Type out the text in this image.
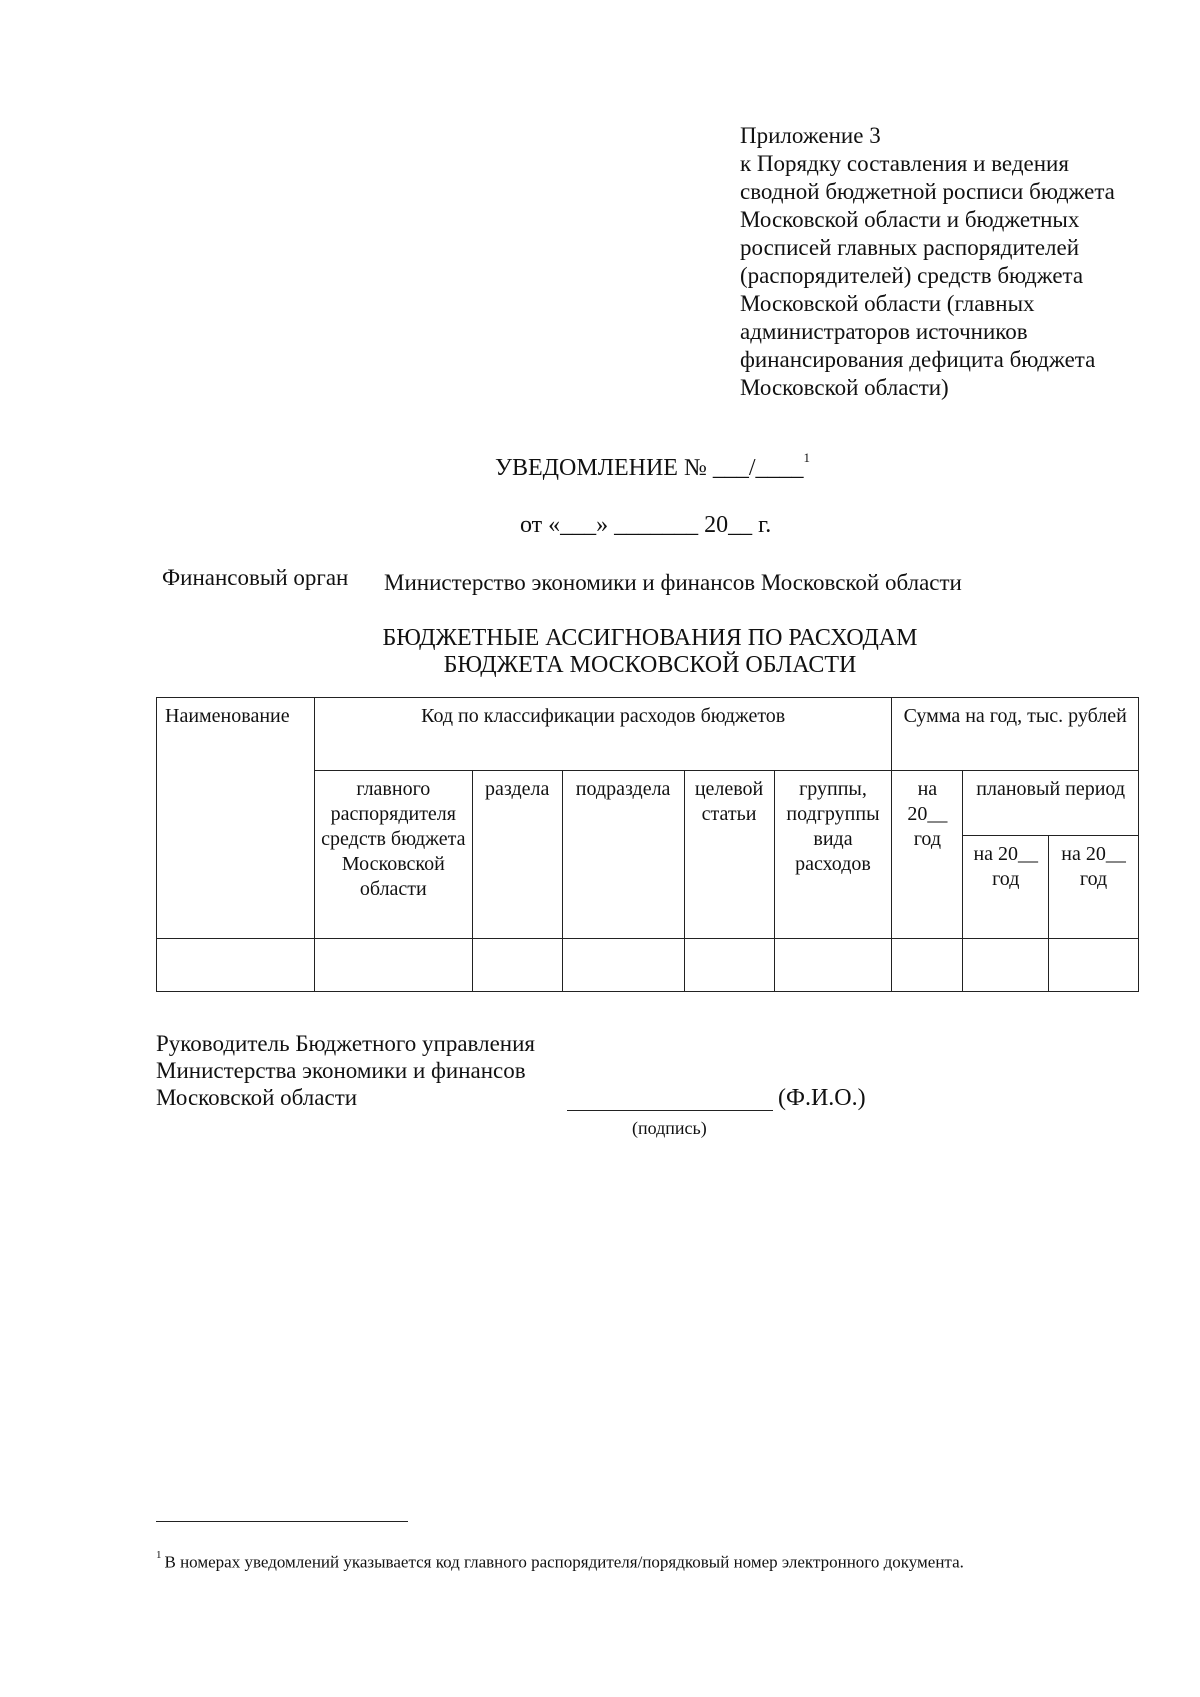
Приложение 3
к Порядку составления и ведения
сводной бюджетной росписи бюджета
Московской области и бюджетных
росписей главных распорядителей
(распорядителей) средств бюджета
Московской области (главных
администраторов источников
финансирования дефицита бюджета
Московской области)
УВЕДОМЛЕНИЕ № ___/____$^1$
от «___» _______ 20__ г.
Финансовый орган Министерство экономики и финансов Московской области
БЮДЖЕТНЫЕ АССИГНОВАНИЯ ПО РАСХОДАМ
БЮДЖЕТА МОСКОВСКОЙ ОБЛАСТИ
Наименование	Код по классификации расходов бюджетов					Сумма на год, тыс. рублей		
	главного распорядителя средств бюджета Московской области	раздела	подраздела	целевой статьи	группы, подгруппы вида расходов	на 20__ год	плановый период	
							на 20__ год	на 20__ год

Руководитель Бюджетного управления
Министерства экономики и финансов
Московской области	(Ф.И.О.)
(подпись)
$^1$ В номерах уведомлений указывается код главного распорядителя/порядковый номер электронного документа.
